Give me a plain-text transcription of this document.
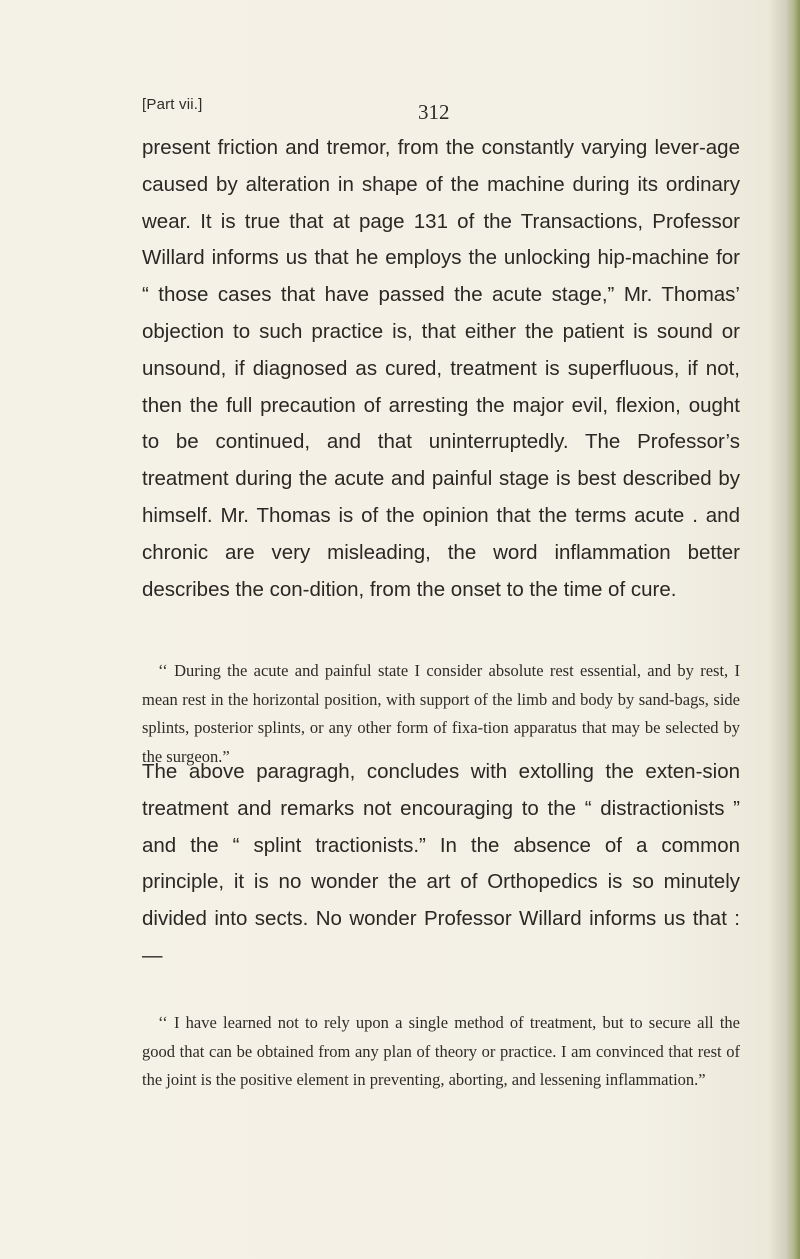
[Part vii.]	312

present friction and tremor, from the constantly varying lever-age caused by alteration in shape of the machine during its ordinary wear. It is true that at page 131 of the Transactions, Professor Willard informs us that he employs the unlocking hip-machine for “ those cases that have passed the acute stage,” Mr. Thomas’ objection to such practice is, that either the patient is sound or unsound, if diagnosed as cured, treatment is superfluous, if not, then the full precaution of arresting the major evil, flexion, ought to be continued, and that uninterruptedly. The Professor’s treatment during the acute and painful stage is best described by himself. Mr. Thomas is of the opinion that the terms acute . and chronic are very misleading, the word inflammation better describes the con-dition, from the onset to the time of cure.

‘‘ During the acute and painful state I consider absolute rest essential, and by rest, I mean rest in the horizontal position, with support of the limb and body by sand-bags, side splints, posterior splints, or any other form of fixa-tion apparatus that may be selected by the surgeon.”

The above paragragh, concludes with extolling the exten-sion treatment and remarks not encouraging to the “ distractionists ” and the “ splint tractionists.” In the absence of a common principle, it is no wonder the art of Orthopedics is so minutely divided into sects. No wonder Professor Willard informs us that :—

‘‘ I have learned not to rely upon a single method of treatment, but to secure all the good that can be obtained from any plan of theory or practice. I am convinced that rest of the joint is the positive element in preventing, aborting, and lessening inflammation.”
